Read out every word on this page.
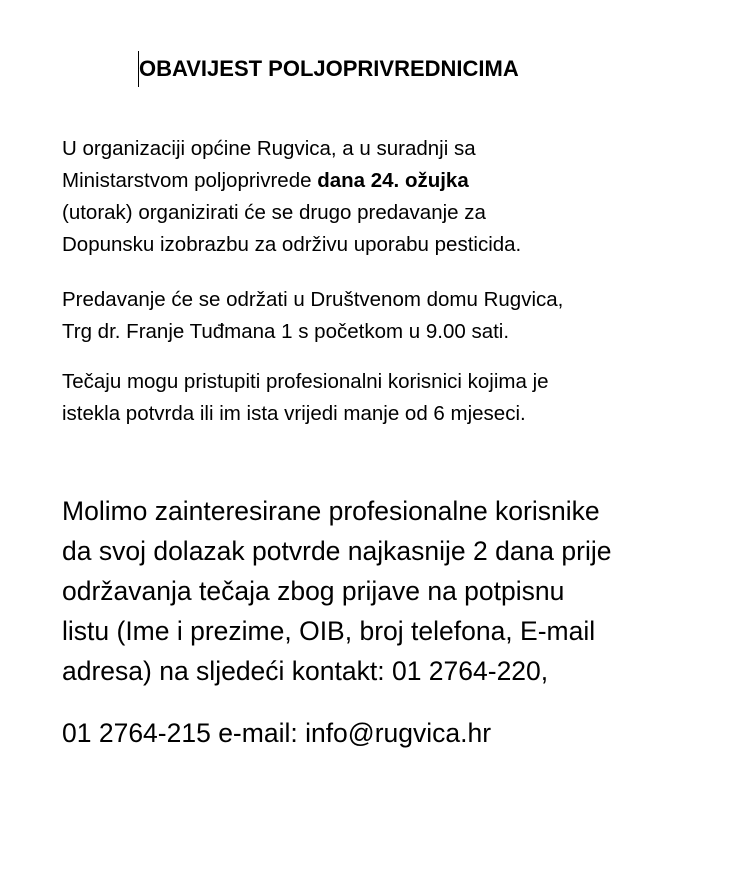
OBAVIJEST POLJOPRIVREDNICIMA

U organizaciji općine Rugvica, a u suradnji sa
Ministarstvom poljoprivrede dana 24. ožujka
(utorak) organizirati će se drugo predavanje za
Dopunsku izobrazbu za održivu uporabu pesticida.

Predavanje će se održati u Društvenom domu Rugvica,
Trg dr. Franje Tuđmana 1 s početkom u 9.00 sati.

Tečaju mogu pristupiti profesionalni korisnici kojima je
istekla potvrda ili im ista vrijedi manje od 6 mjeseci.

Molimo zainteresirane profesionalne korisnike
da svoj dolazak potvrde najkasnije 2 dana prije
održavanja tečaja zbog prijave na potpisnu
listu (Ime i prezime, OIB, broj telefona, E-mail
adresa) na sljedeći kontakt: 01 2764-220,

01 2764-215 e-mail: info@rugvica.hr
